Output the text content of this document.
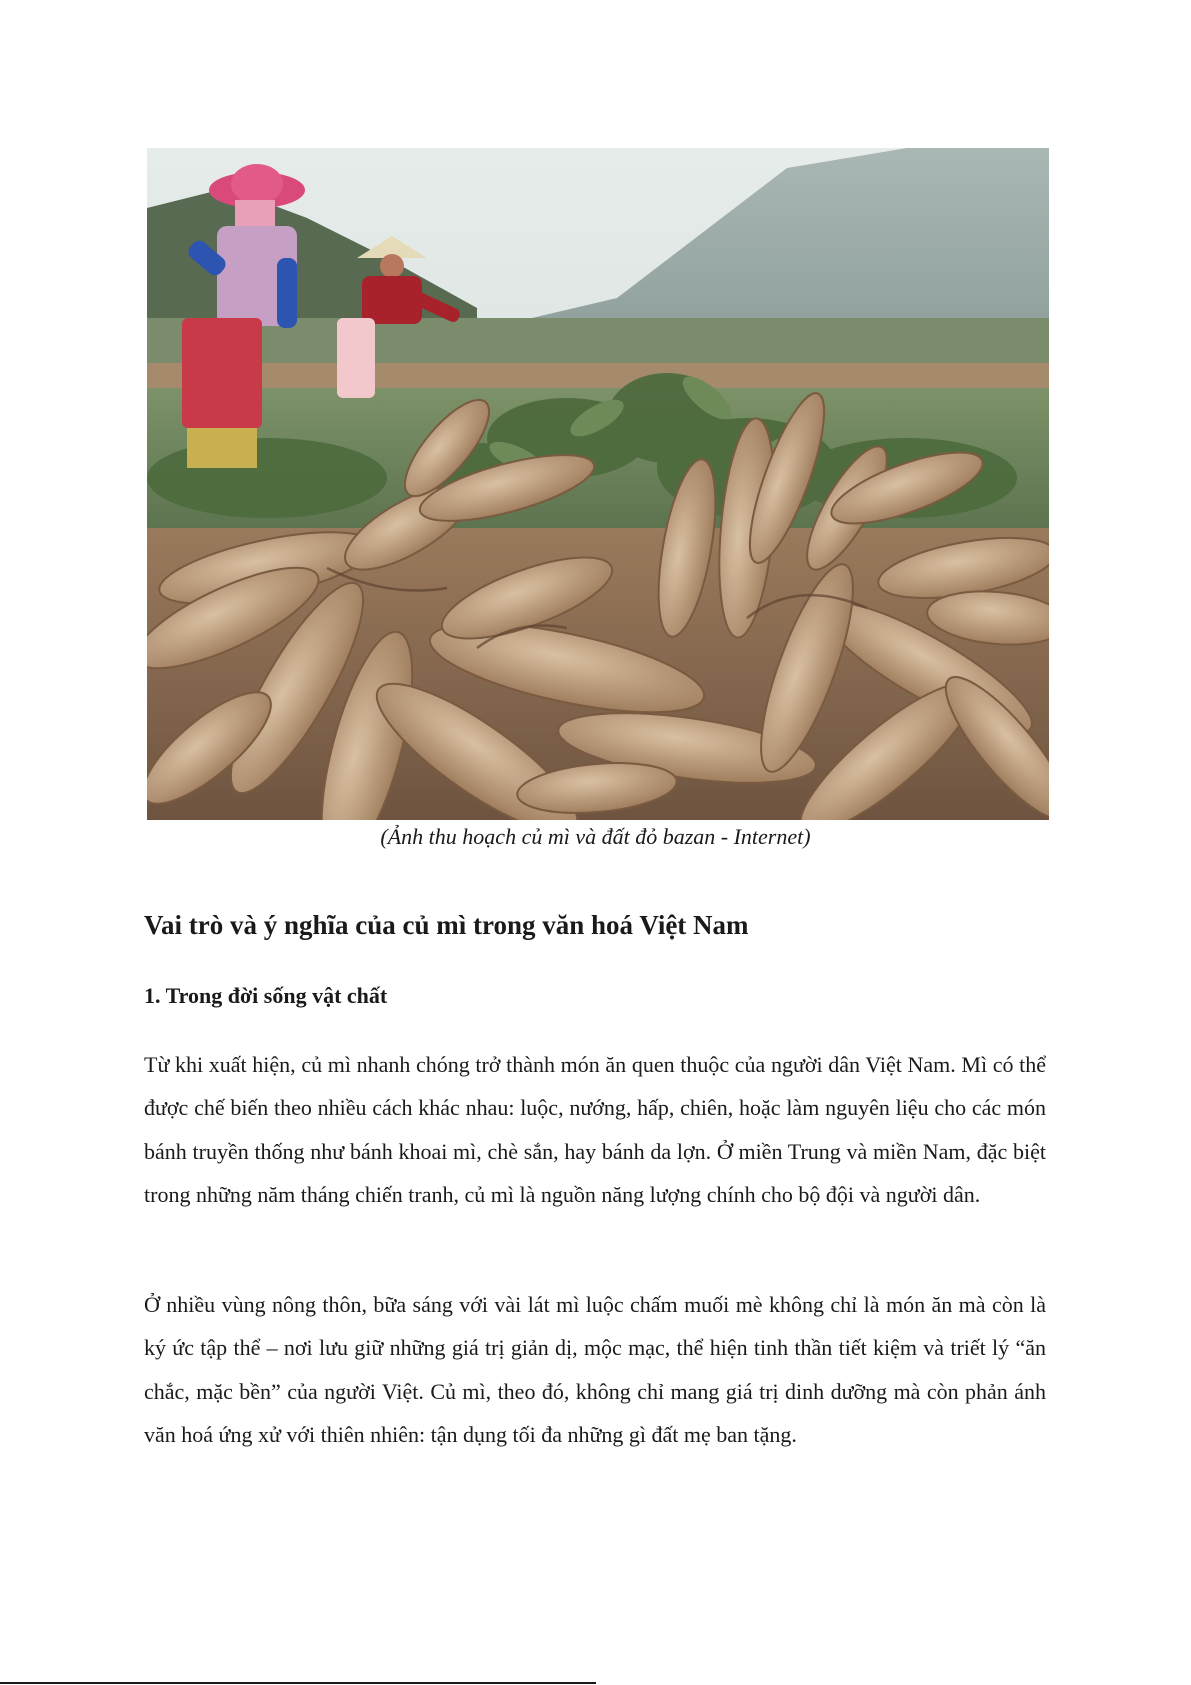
(Ảnh thu hoạch củ mì và đất đỏ bazan - Internet)
Vai trò và ý nghĩa của củ mì trong văn hoá Việt Nam
1. Trong đời sống vật chất

Từ khi xuất hiện, củ mì nhanh chóng trở thành món ăn quen thuộc của người dân Việt Nam. Mì có thể được chế biến theo nhiều cách khác nhau: luộc, nướng, hấp, chiên, hoặc làm nguyên liệu cho các món bánh truyền thống như bánh khoai mì, chè sắn, hay bánh da lợn. Ở miền Trung và miền Nam, đặc biệt trong những năm tháng chiến tranh, củ mì là nguồn năng lượng chính cho bộ đội và người dân.

Ở nhiều vùng nông thôn, bữa sáng với vài lát mì luộc chấm muối mè không chỉ là món ăn mà còn là ký ức tập thể – nơi lưu giữ những giá trị giản dị, mộc mạc, thể hiện tinh thần tiết kiệm và triết lý “ăn chắc, mặc bền” của người Việt. Củ mì, theo đó, không chỉ mang giá trị dinh dưỡng mà còn phản ánh văn hoá ứng xử với thiên nhiên: tận dụng tối đa những gì đất mẹ ban tặng.
